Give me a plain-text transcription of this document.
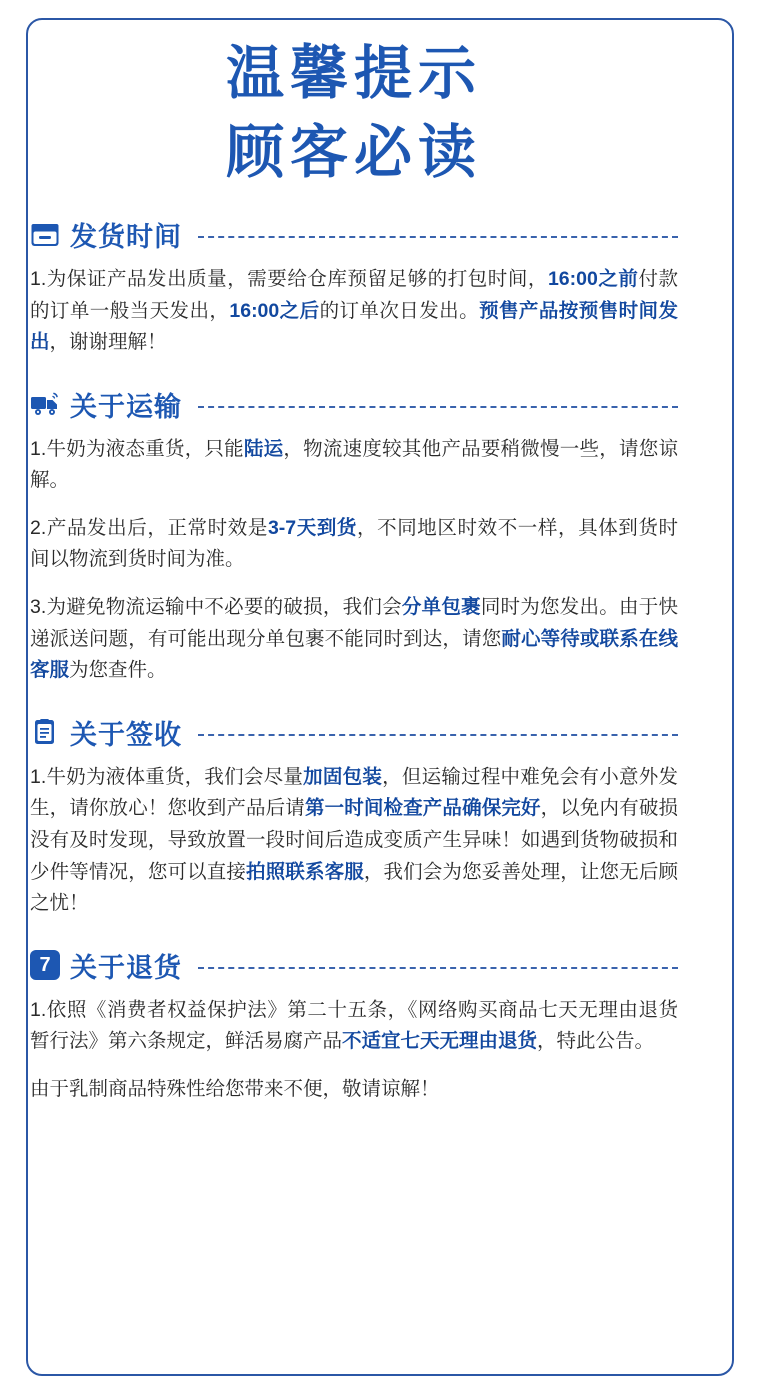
温馨提示
顾客必读
发货时间

1.为保证产品发出质量，需要给仓库预留足够的打包时间，16:00之前付款的订单一般当天发出，16:00之后的订单次日发出。预售产品按预售时间发出，谢谢理解！

关于运输

1.牛奶为液态重货，只能陆运，物流速度较其他产品要稍微慢一些，请您谅解。

2.产品发出后，正常时效是3-7天到货，不同地区时效不一样，具体到货时间以物流到货时间为准。

3.为避免物流运输中不必要的破损，我们会分单包裹同时为您发出。由于快递派送问题，有可能出现分单包裹不能同时到达，请您耐心等待或联系在线客服为您查件。

关于签收

1.牛奶为液体重货，我们会尽量加固包装，但运输过程中难免会有小意外发生，请你放心！您收到产品后请第一时间检查产品确保完好，以免内有破损没有及时发现，导致放置一段时间后造成变质产生异味！如遇到货物破损和少件等情况，您可以直接拍照联系客服，我们会为您妥善处理，让您无后顾之忧！

7 关于退货

1.依照《消费者权益保护法》第二十五条，《网络购买商品七天无理由退货暂行法》第六条规定，鲜活易腐产品不适宜七天无理由退货，特此公告。

由于乳制商品特殊性给您带来不便，敬请谅解！
